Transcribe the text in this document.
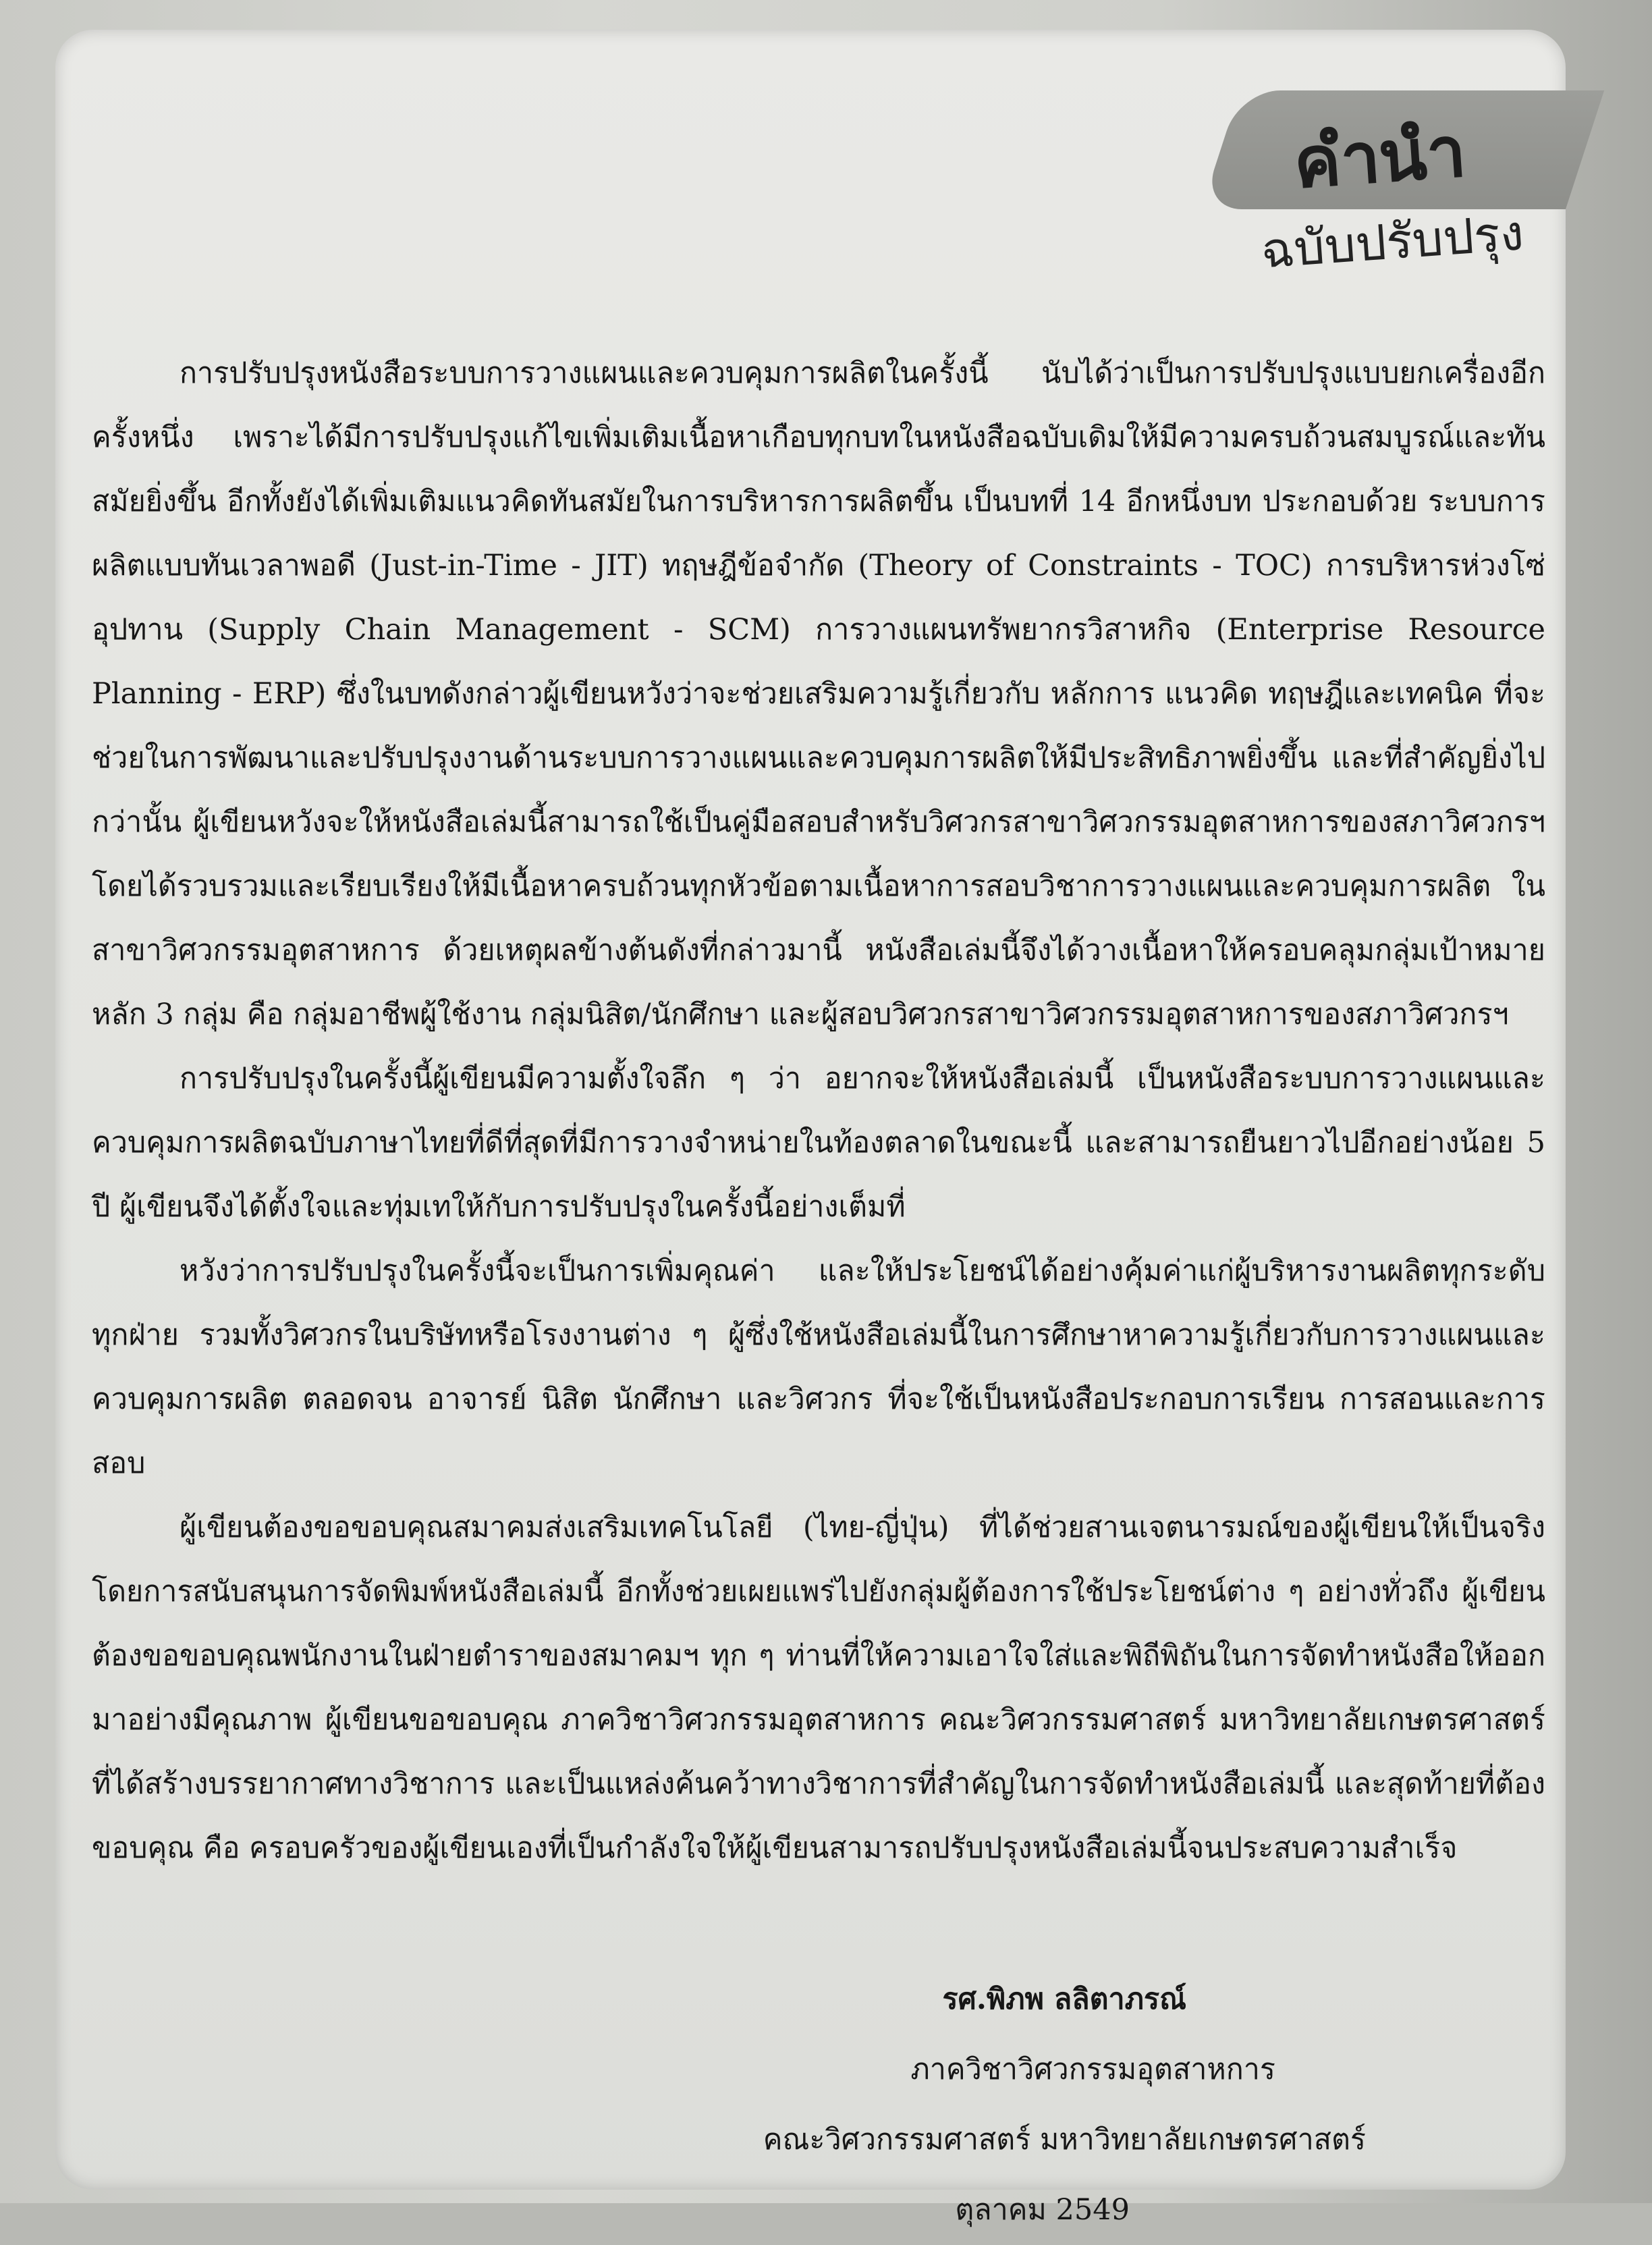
คำนำ
ฉบับปรับปรุง

การปรับปรุงหนังสือระบบการวางแผนและควบคุมการผลิตในครั้งนี้ นับได้ว่าเป็นการปรับปรุงแบบยกเครื่องอีกครั้งหนึ่ง เพราะได้มีการปรับปรุงแก้ไขเพิ่มเติมเนื้อหาเกือบทุกบทในหนังสือฉบับเดิมให้มีความครบถ้วนสมบูรณ์และทันสมัยยิ่งขึ้น อีกทั้งยังได้เพิ่มเติมแนวคิดทันสมัยในการบริหารการผลิตขึ้น เป็นบทที่ 14 อีกหนึ่งบท ประกอบด้วย ระบบการผลิตแบบทันเวลาพอดี (Just-in-Time - JIT) ทฤษฎีข้อจำกัด (Theory of Constraints - TOC) การบริหารห่วงโซ่อุปทาน (Supply Chain Management - SCM) การวางแผนทรัพยากรวิสาหกิจ (Enterprise Resource Planning - ERP) ซึ่งในบทดังกล่าวผู้เขียนหวังว่าจะช่วยเสริมความรู้เกี่ยวกับ หลักการ แนวคิด ทฤษฎีและเทคนิค ที่จะช่วยในการพัฒนาและปรับปรุงงานด้านระบบการวางแผนและควบคุมการผลิตให้มีประสิทธิภาพยิ่งขึ้น และที่สำคัญยิ่งไปกว่านั้น ผู้เขียนหวังจะให้หนังสือเล่มนี้สามารถใช้เป็นคู่มือสอบสำหรับวิศวกรสาขาวิศวกรรมอุตสาหการของสภาวิศวกรฯ โดยได้รวบรวมและเรียบเรียงให้มีเนื้อหาครบถ้วนทุกหัวข้อตามเนื้อหาการสอบวิชาการวางแผนและควบคุมการผลิต ในสาขาวิศวกรรมอุตสาหการ ด้วยเหตุผลข้างต้นดังที่กล่าวมานี้ หนังสือเล่มนี้จึงได้วางเนื้อหาให้ครอบคลุมกลุ่มเป้าหมายหลัก 3 กลุ่ม คือ กลุ่มอาชีพผู้ใช้งาน กลุ่มนิสิต/นักศึกษา และผู้สอบวิศวกรสาขาวิศวกรรมอุตสาหการของสภาวิศวกรฯ

การปรับปรุงในครั้งนี้ผู้เขียนมีความตั้งใจลึก ๆ ว่า อยากจะให้หนังสือเล่มนี้ เป็นหนังสือระบบการวางแผนและควบคุมการผลิตฉบับภาษาไทยที่ดีที่สุดที่มีการวางจำหน่ายในท้องตลาดในขณะนี้ และสามารถยืนยาวไปอีกอย่างน้อย 5 ปี ผู้เขียนจึงได้ตั้งใจและทุ่มเทให้กับการปรับปรุงในครั้งนี้อย่างเต็มที่

หวังว่าการปรับปรุงในครั้งนี้จะเป็นการเพิ่มคุณค่า และให้ประโยชน์ได้อย่างคุ้มค่าแก่ผู้บริหารงานผลิตทุกระดับทุกฝ่าย รวมทั้งวิศวกรในบริษัทหรือโรงงานต่าง ๆ ผู้ซึ่งใช้หนังสือเล่มนี้ในการศึกษาหาความรู้เกี่ยวกับการวางแผนและควบคุมการผลิต ตลอดจน อาจารย์ นิสิต นักศึกษา และวิศวกร ที่จะใช้เป็นหนังสือประกอบการเรียน การสอนและการสอบ

ผู้เขียนต้องขอขอบคุณสมาคมส่งเสริมเทคโนโลยี (ไทย-ญี่ปุ่น) ที่ได้ช่วยสานเจตนารมณ์ของผู้เขียนให้เป็นจริง โดยการสนับสนุนการจัดพิมพ์หนังสือเล่มนี้ อีกทั้งช่วยเผยแพร่ไปยังกลุ่มผู้ต้องการใช้ประโยชน์ต่าง ๆ อย่างทั่วถึง ผู้เขียนต้องขอขอบคุณพนักงานในฝ่ายตำราของสมาคมฯ ทุก ๆ ท่านที่ให้ความเอาใจใส่และพิถีพิถันในการจัดทำหนังสือให้ออกมาอย่างมีคุณภาพ ผู้เขียนขอขอบคุณ ภาควิชาวิศวกรรมอุตสาหการ คณะวิศวกรรมศาสตร์ มหาวิทยาลัยเกษตรศาสตร์ ที่ได้สร้างบรรยากาศทางวิชาการ และเป็นแหล่งค้นคว้าทางวิชาการที่สำคัญในการจัดทำหนังสือเล่มนี้ และสุดท้ายที่ต้องขอบคุณ คือ ครอบครัวของผู้เขียนเองที่เป็นกำลังใจให้ผู้เขียนสามารถปรับปรุงหนังสือเล่มนี้จนประสบความสำเร็จ

รศ.พิภพ ลลิตาภรณ์
ภาควิชาวิศวกรรมอุตสาหการ
คณะวิศวกรรมศาสตร์ มหาวิทยาลัยเกษตรศาสตร์
ตุลาคม 2549
